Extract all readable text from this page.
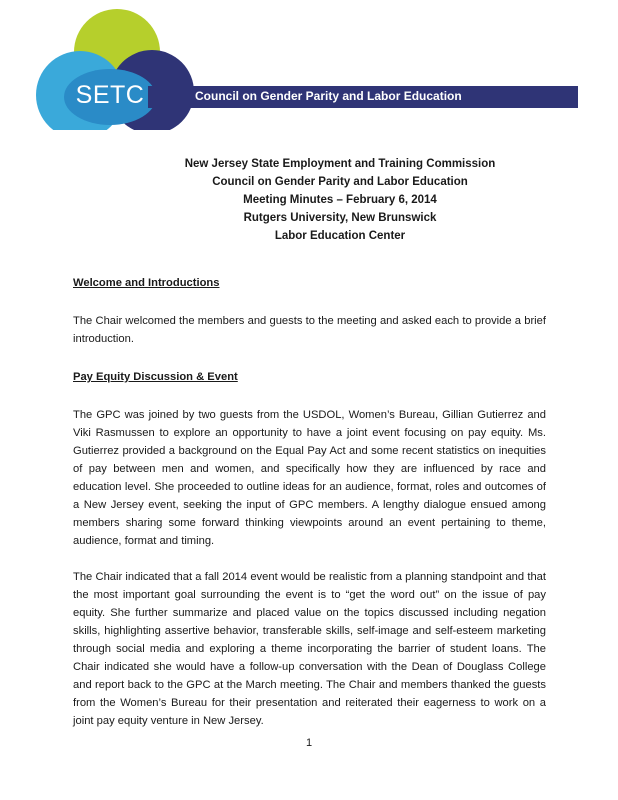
SETC	Council on Gender Parity and Labor Education
New Jersey State Employment and Training Commission
Council on Gender Parity and Labor Education
Meeting Minutes – February 6, 2014
Rutgers University, New Brunswick
Labor Education Center

Welcome and Introductions

The Chair welcomed the members and guests to the meeting and asked each to provide a brief introduction.

Pay Equity Discussion & Event

The GPC was joined by two guests from the USDOL, Women’s Bureau, Gillian Gutierrez and Viki Rasmussen to explore an opportunity to have a joint event focusing on pay equity. Ms. Gutierrez provided a background on the Equal Pay Act and some recent statistics on inequities of pay between men and women, and specifically how they are influenced by race and education level. She proceeded to outline ideas for an audience, format, roles and outcomes of a New Jersey event, seeking the input of GPC members. A lengthy dialogue ensued among members sharing some forward thinking viewpoints around an event pertaining to theme, audience, format and timing.

The Chair indicated that a fall 2014 event would be realistic from a planning standpoint and that the most important goal surrounding the event is to “get the word out” on the issue of pay equity. She further summarize and placed value on the topics discussed including negation skills, highlighting assertive behavior, transferable skills, self-image and self-esteem marketing through social media and exploring a theme incorporating the barrier of student loans. The Chair indicated she would have a follow-up conversation with the Dean of Douglass College and report back to the GPC at the March meeting. The Chair and members thanked the guests from the Women’s Bureau for their presentation and reiterated their eagerness to work on a joint pay equity venture in New Jersey.

1
